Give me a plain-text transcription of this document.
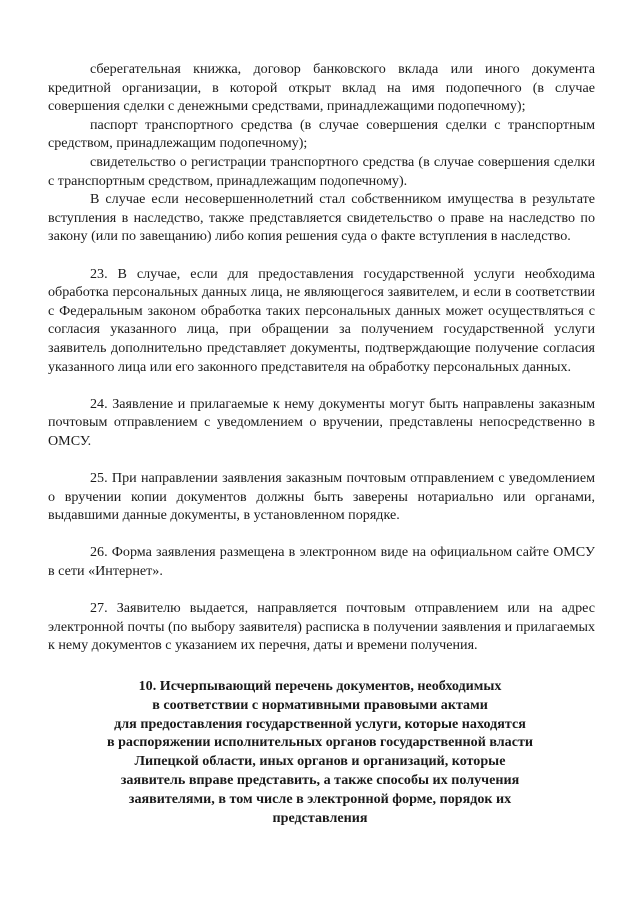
сберегательная книжка, договор банковского вклада или иного документа кредитной организации, в которой открыт вклад на имя подопечного (в случае совершения сделки с денежными средствами, принадлежащими подопечному);

паспорт транспортного средства (в случае совершения сделки с транспортным средством, принадлежащим подопечному);

свидетельство о регистрации транспортного средства (в случае совершения сделки с транспортным средством, принадлежащим подопечному).

В случае если несовершеннолетний стал собственником имущества в результате вступления в наследство, также представляется свидетельство о праве на наследство по закону (или по завещанию) либо копия решения суда о факте вступления в наследство.

23. В случае, если для предоставления государственной услуги необходима обработка персональных данных лица, не являющегося заявителем, и если в соответствии с Федеральным законом обработка таких персональных данных может осуществляться с согласия указанного лица, при обращении за получением государственной услуги заявитель дополнительно представляет документы, подтверждающие получение согласия указанного лица или его законного представителя на обработку персональных данных.

24. Заявление и прилагаемые к нему документы могут быть направлены заказным почтовым отправлением с уведомлением о вручении, представлены непосредственно в ОМСУ.

25. При направлении заявления заказным почтовым отправлением с уведомлением о вручении копии документов должны быть заверены нотариально или органами, выдавшими данные документы, в установленном порядке.

26. Форма заявления размещена в электронном виде на официальном сайте ОМСУ в сети «Интернет».

27. Заявителю выдается, направляется почтовым отправлением или на адрес электронной почты (по выбору заявителя) расписка в получении заявления и прилагаемых к нему документов с указанием их перечня, даты и времени получения.

10. Исчерпывающий перечень документов, необходимых
в соответствии с нормативными правовыми актами
для предоставления государственной услуги, которые находятся
в распоряжении исполнительных органов государственной власти
Липецкой области, иных органов и организаций, которые
заявитель вправе представить, а также способы их получения
заявителями, в том числе в электронной форме, порядок их
представления
